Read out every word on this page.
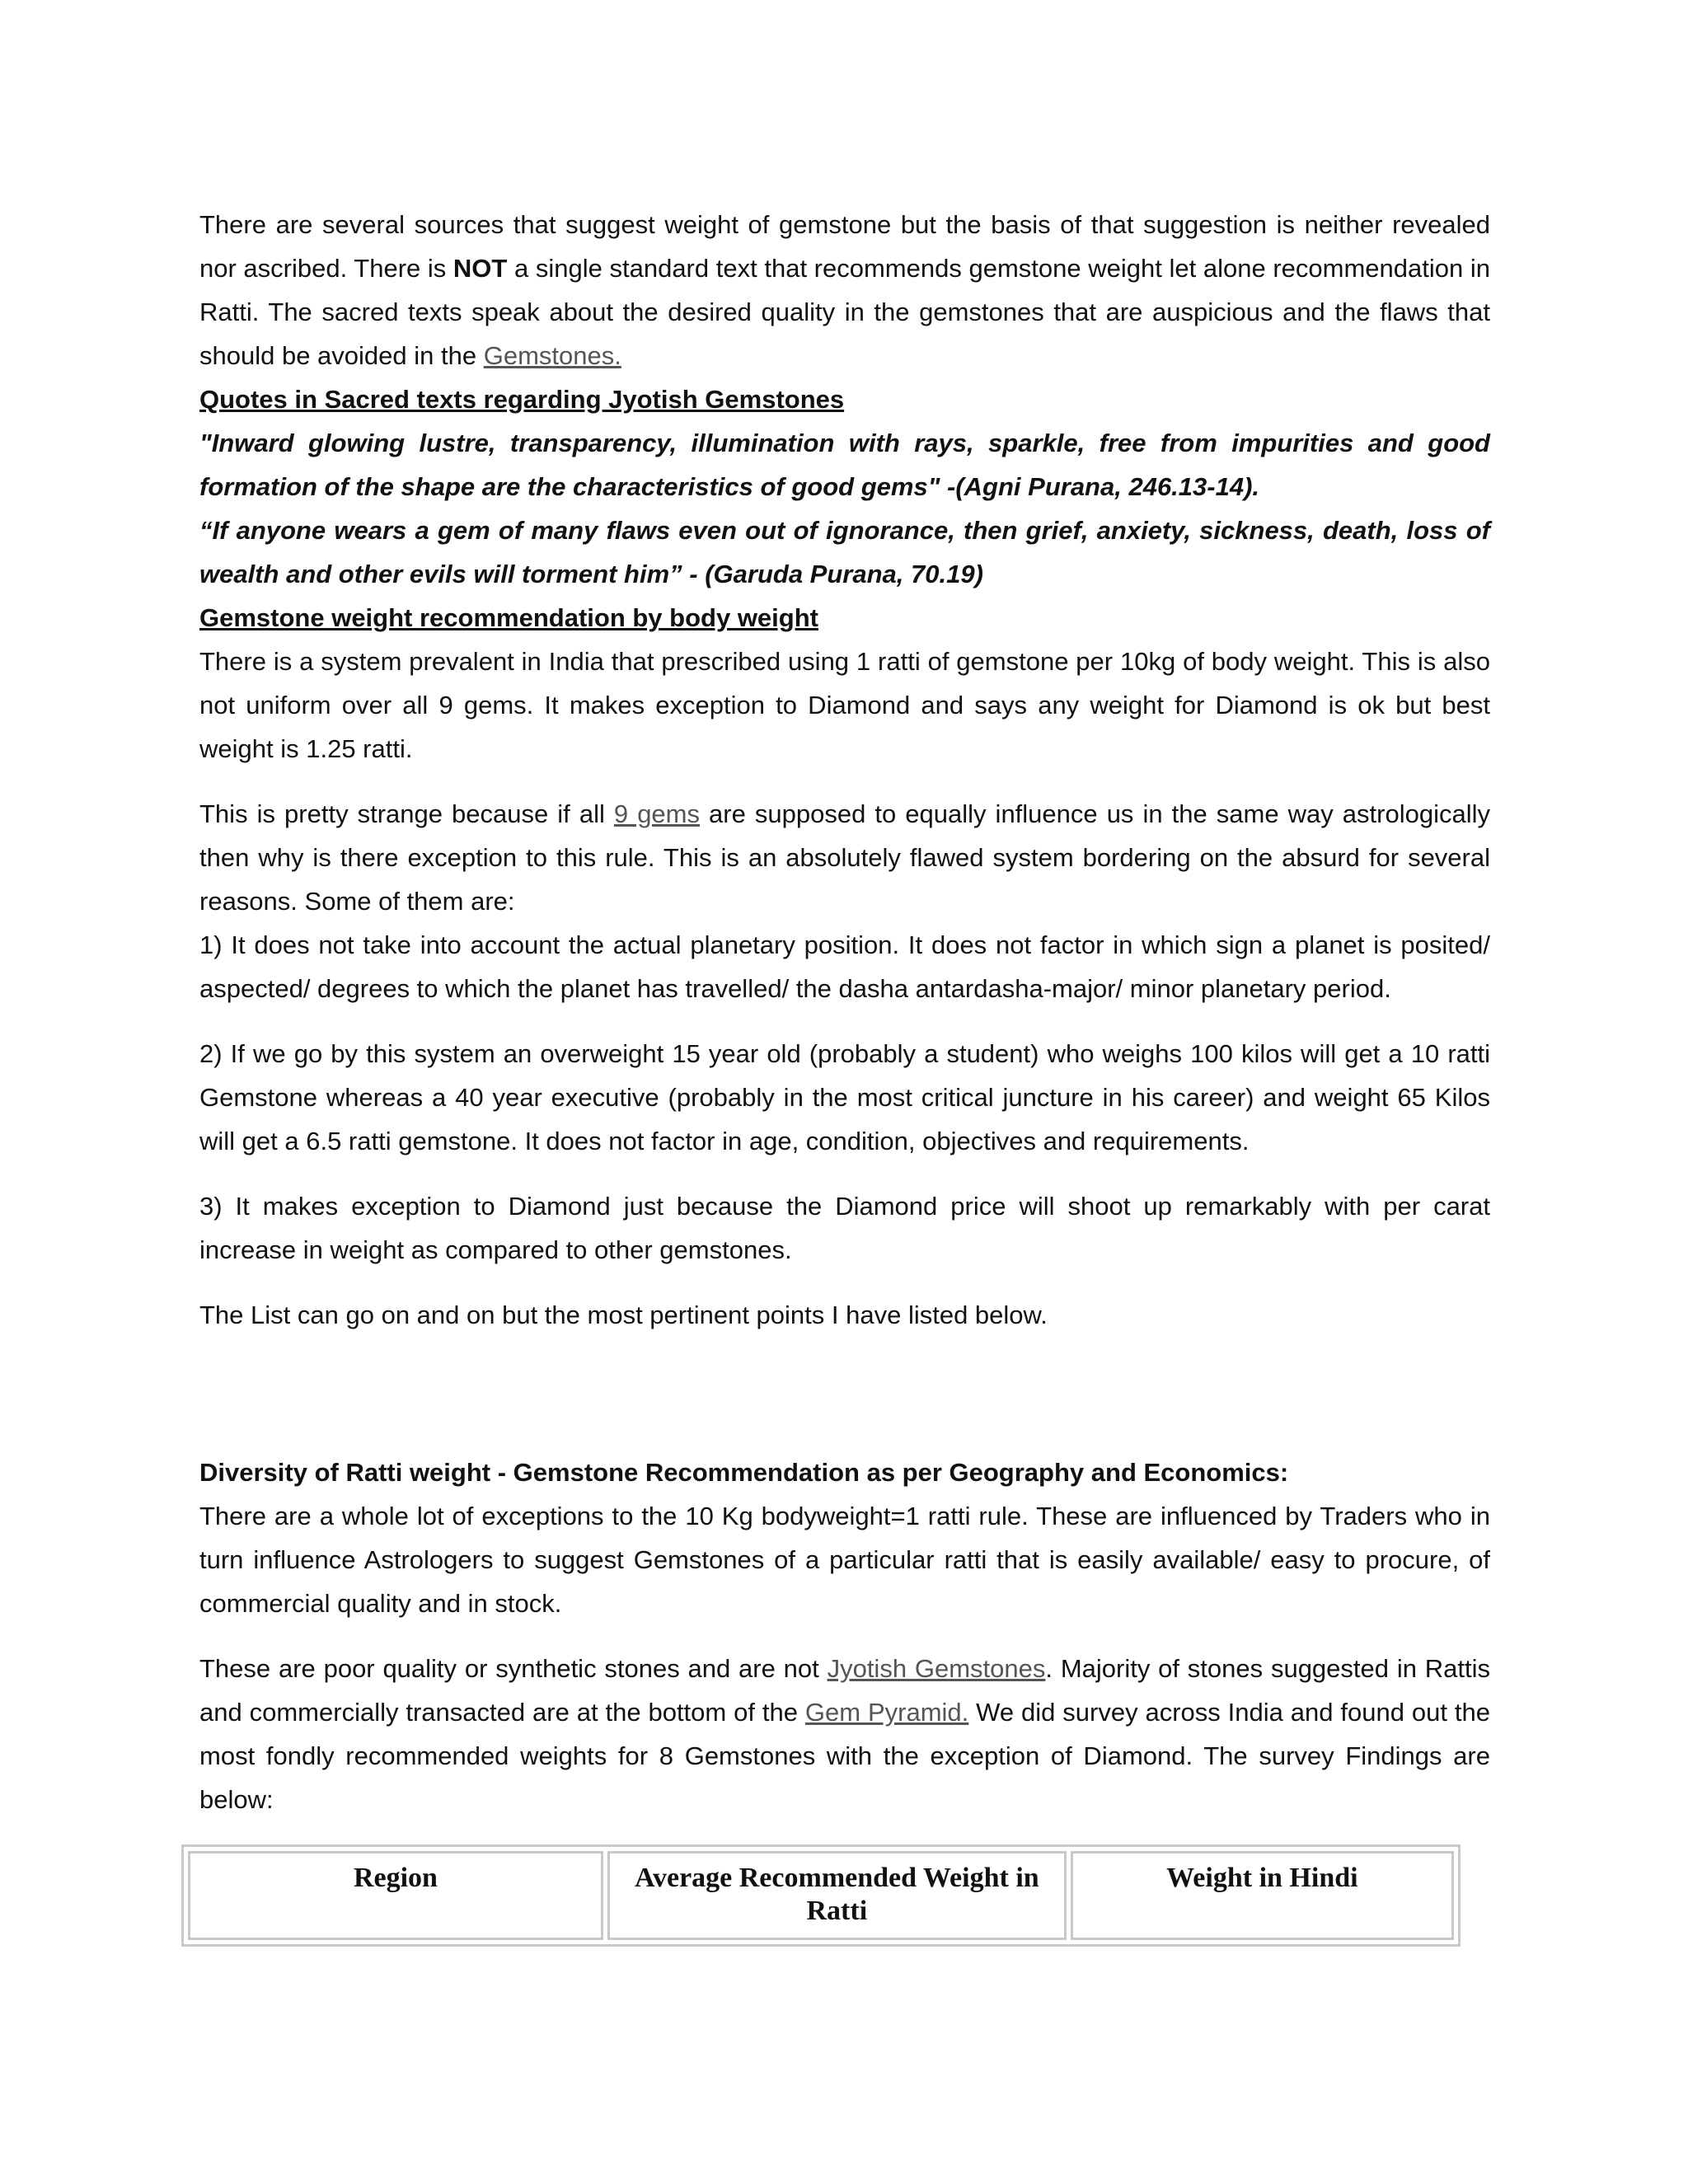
There are several sources that suggest weight of gemstone but the basis of that suggestion is neither revealed nor ascribed. There is NOT a single standard text that recommends gemstone weight let alone recommendation in Ratti. The sacred texts speak about the desired quality in the gemstones that are auspicious and the flaws that should be avoided in the Gemstones.

Quotes in Sacred texts regarding Jyotish Gemstones

"Inward glowing lustre, transparency, illumination with rays, sparkle, free from impurities and good formation of the shape are the characteristics of good gems" -(Agni Purana, 246.13-14).

“If anyone wears a gem of many flaws even out of ignorance, then grief, anxiety, sickness, death, loss of wealth and other evils will torment him” - (Garuda Purana, 70.19)

Gemstone weight recommendation by body weight

There is a system prevalent in India that prescribed using 1 ratti of gemstone per 10kg of body weight. This is also not uniform over all 9 gems. It makes exception to Diamond and says any weight for Diamond is ok but best weight is 1.25 ratti.

This is pretty strange because if all 9 gems are supposed to equally influence us in the same way astrologically then why is there exception to this rule. This is an absolutely flawed system bordering on the absurd for several reasons. Some of them are:

1) It does not take into account the actual planetary position. It does not factor in which sign a planet is posited/ aspected/ degrees to which the planet has travelled/ the dasha antardasha-major/ minor planetary period.

2) If we go by this system an overweight 15 year old (probably a student) who weighs 100 kilos will get a 10 ratti Gemstone whereas a 40 year executive (probably in the most critical juncture in his career) and weight 65 Kilos will get a 6.5 ratti gemstone. It does not factor in age, condition, objectives and requirements.

3) It makes exception to Diamond just because the Diamond price will shoot up remarkably with per carat increase in weight as compared to other gemstones.

The List can go on and on but the most pertinent points I have listed below.

Diversity of Ratti weight - Gemstone Recommendation as per Geography and Economics:

There are a whole lot of exceptions to the 10 Kg bodyweight=1 ratti rule. These are influenced by Traders who in turn influence Astrologers to suggest Gemstones of a particular ratti that is easily available/ easy to procure, of commercial quality and in stock.

These are poor quality or synthetic stones and are not Jyotish Gemstones. Majority of stones suggested in Rattis and commercially transacted are at the bottom of the Gem Pyramid. We did survey across India and found out the most fondly recommended weights for 8 Gemstones with the exception of Diamond. The survey Findings are below:

Region	Average Recommended Weight in Ratti	Weight in Hindi
